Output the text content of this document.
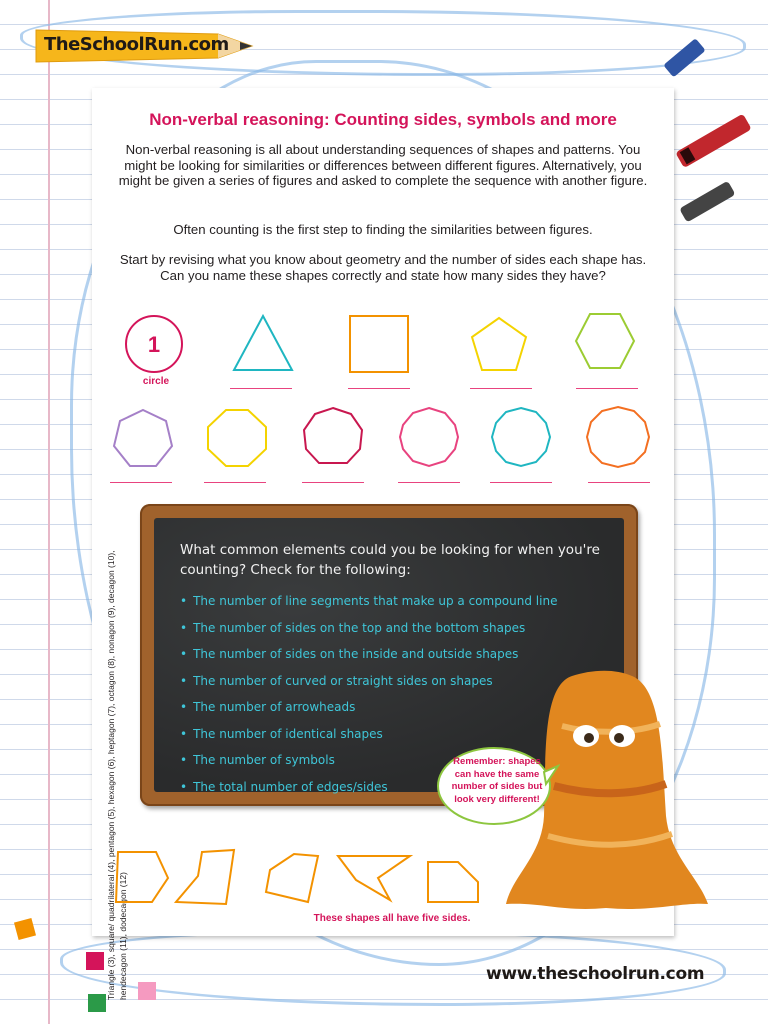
TheSchoolRun.com
Non-verbal reasoning: Counting sides, symbols and more
Non-verbal reasoning is all about understanding sequences of shapes and patterns. You might be looking for similarities or differences between different figures. Alternatively, you might be given a series of figures and asked to complete the sequence with another figure.
Often counting is the first step to finding the similarities between figures.
Start by revising what you know about geometry and the number of sides each shape has. Can you name these shapes correctly and state how many sides they have?
1
circle
Triangle (3), square/ quadrilateral (4), pentagon (5), hexagon (6), heptagon (7), octagon (8), nonagon (9), decagon (10), hendecagon (11), dodecagon (12)
What common elements could you be looking for when you're counting? Check for the following:
• The number of line segments that make up a compound line
• The number of sides on the top and the bottom shapes
• The number of sides on the inside and outside shapes
• The number of curved or straight sides on shapes
• The number of arrowheads
• The number of identical shapes
• The number of symbols
• The total number of edges/sides
Remember: shapes can have the same number of sides but look very different!
These shapes all have five sides.
www.theschoolrun.com
